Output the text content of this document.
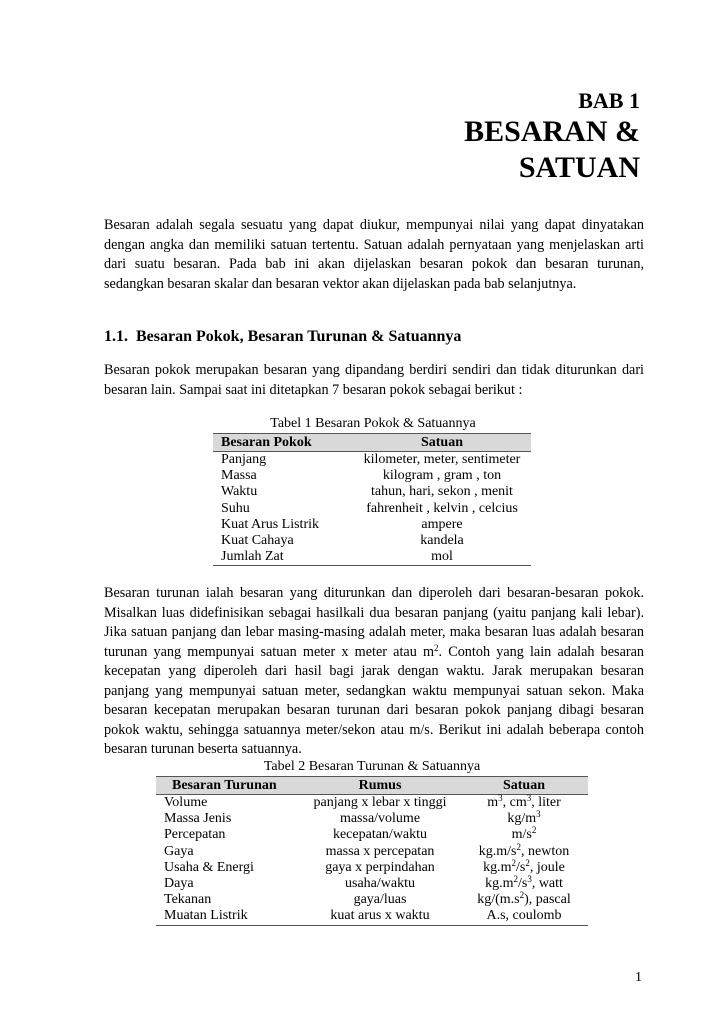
BAB 1
BESARAN &
SATUAN
Besaran adalah segala sesuatu yang dapat diukur, mempunyai nilai yang dapat dinyatakan dengan angka dan memiliki satuan tertentu. Satuan adalah pernyataan yang menjelaskan arti dari suatu besaran. Pada bab ini akan dijelaskan besaran pokok dan besaran turunan, sedangkan besaran skalar dan besaran vektor akan dijelaskan pada bab selanjutnya.
1.1. Besaran Pokok, Besaran Turunan & Satuannya
Besaran pokok merupakan besaran yang dipandang berdiri sendiri dan tidak diturunkan dari besaran lain. Sampai saat ini ditetapkan 7 besaran pokok sebagai berikut :
Tabel 1 Besaran Pokok & Satuannya
Besaran Pokok	Satuan
Panjang	kilometer, meter, sentimeter
Massa	kilogram , gram , ton
Waktu	tahun, hari, sekon , menit
Suhu	fahrenheit , kelvin , celcius
Kuat Arus Listrik	ampere
Kuat Cahaya	kandela
Jumlah Zat	mol
Besaran turunan ialah besaran yang diturunkan dan diperoleh dari besaran-besaran pokok. Misalkan luas didefinisikan sebagai hasilkali dua besaran panjang (yaitu panjang kali lebar). Jika satuan panjang dan lebar masing-masing adalah meter, maka besaran luas adalah besaran turunan yang mempunyai satuan meter x meter atau $m^2$. Contoh yang lain adalah besaran kecepatan yang diperoleh dari hasil bagi jarak dengan waktu. Jarak merupakan besaran panjang yang mempunyai satuan meter, sedangkan waktu mempunyai satuan sekon. Maka besaran kecepatan merupakan besaran turunan dari besaran pokok panjang dibagi besaran pokok waktu, sehingga satuannya meter/sekon atau m/s. Berikut ini adalah beberapa contoh besaran turunan beserta satuannya.
Tabel 2 Besaran Turunan & Satuannya
Besaran Turunan	Rumus	Satuan
Volume	panjang x lebar x tinggi	$m^3$, $cm^3$, liter
Massa Jenis	massa/volume	$kg/m^3$
Percepatan	kecepatan/waktu	$m/s^2$
Gaya	massa x percepatan	$kg.m/s^2$, newton
Usaha & Energi	gaya x perpindahan	$kg.m^2/s^2$, joule
Daya	usaha/waktu	$kg.m^2/s^3$, watt
Tekanan	gaya/luas	$kg/(m.s^2)$, pascal
Muatan Listrik	kuat arus x waktu	A.s, coulomb
1
